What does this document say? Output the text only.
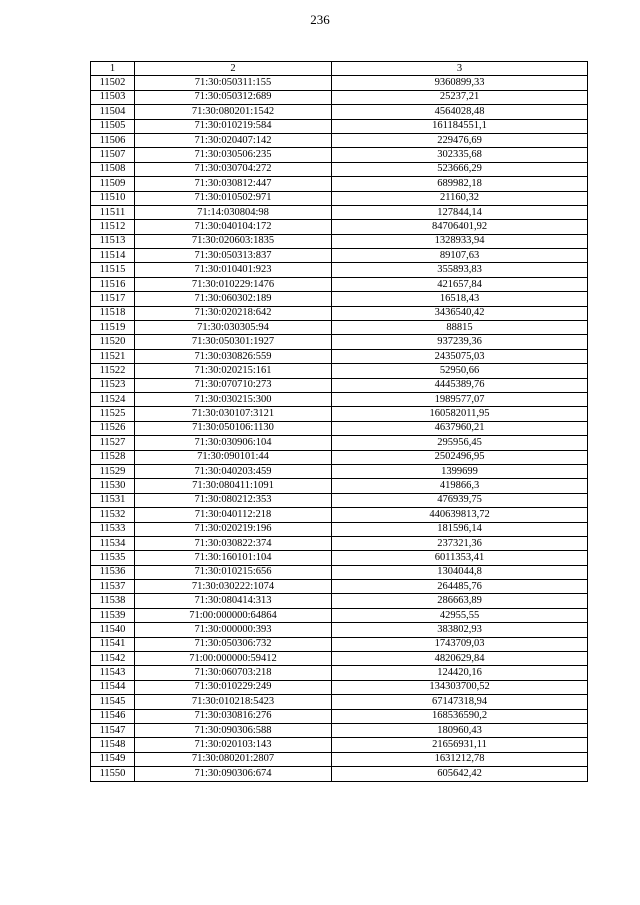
236
1	2	3
11502	71:30:050311:155	9360899,33
11503	71:30:050312:689	25237,21
11504	71:30:080201:1542	4564028,48
11505	71:30:010219:584	161184551,1
11506	71:30:020407:142	229476,69
11507	71:30:030506:235	302335,68
11508	71:30:030704:272	523666,29
11509	71:30:030812:447	689982,18
11510	71:30:010502:971	21160,32
11511	71:14:030804:98	127844,14
11512	71:30:040104:172	84706401,92
11513	71:30:020603:1835	1328933,94
11514	71:30:050313:837	89107,63
11515	71:30:010401:923	355893,83
11516	71:30:010229:1476	421657,84
11517	71:30:060302:189	16518,43
11518	71:30:020218:642	3436540,42
11519	71:30:030305:94	88815
11520	71:30:050301:1927	937239,36
11521	71:30:030826:559	2435075,03
11522	71:30:020215:161	52950,66
11523	71:30:070710:273	4445389,76
11524	71:30:030215:300	1989577,07
11525	71:30:030107:3121	160582011,95
11526	71:30:050106:1130	4637960,21
11527	71:30:030906:104	295956,45
11528	71:30:090101:44	2502496,95
11529	71:30:040203:459	1399699
11530	71:30:080411:1091	419866,3
11531	71:30:080212:353	476939,75
11532	71:30:040112:218	440639813,72
11533	71:30:020219:196	181596,14
11534	71:30:030822:374	237321,36
11535	71:30:160101:104	6011353,41
11536	71:30:010215:656	1304044,8
11537	71:30:030222:1074	264485,76
11538	71:30:080414:313	286663,89
11539	71:00:000000:64864	42955,55
11540	71:30:000000:393	383802,93
11541	71:30:050306:732	1743709,03
11542	71:00:000000:59412	4820629,84
11543	71:30:060703:218	124420,16
11544	71:30:010229:249	134303700,52
11545	71:30:010218:5423	67147318,94
11546	71:30:030816:276	168536590,2
11547	71:30:090306:588	180960,43
11548	71:30:020103:143	21656931,11
11549	71:30:080201:2807	1631212,78
11550	71:30:090306:674	605642,42
